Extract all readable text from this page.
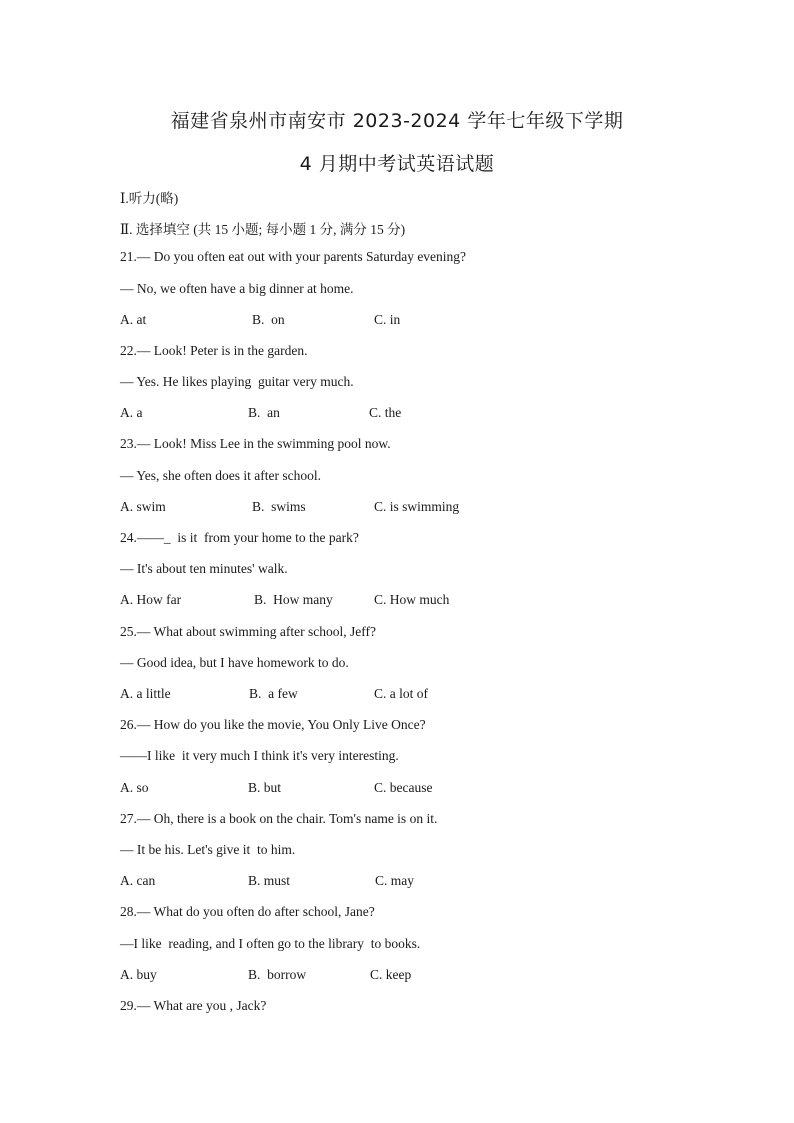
福建省泉州市南安市 2023-2024 学年七年级下学期
4 月期中考试英语试题
Ⅰ.听力(略)
Ⅱ. 选择填空 (共 15 小题; 每小题 1 分, 满分 15 分)
21.— Do you often eat out with your parents Saturday evening?
— No, we often have a big dinner at home.
A. at	B.  on	C. in
22.— Look! Peter is in the garden.
— Yes. He likes playing  guitar very much.
A. a	B.  an	C. the
23.— Look! Miss Lee in the swimming pool now.
— Yes, she often does it after school.
A. swim	B.  swims	C. is swimming
24.——_  is it  from your home to the park?
— It's about ten minutes' walk.
A. How far	B.  How many	C. How much
25.— What about swimming after school, Jeff?
— Good idea, but I have homework to do.
A. a little	B.  a few	C. a lot of
26.— How do you like the movie, You Only Live Once?
——I like  it very much I think it's very interesting.
A. so	B. but	C. because
27.— Oh, there is a book on the chair. Tom's name is on it.
— It be his. Let's give it  to him.
A. can	B. must	C. may
28.— What do you often do after school, Jane?
—I like  reading, and I often go to the library  to books.
A. buy	B.  borrow	C. keep
29.— What are you , Jack?
